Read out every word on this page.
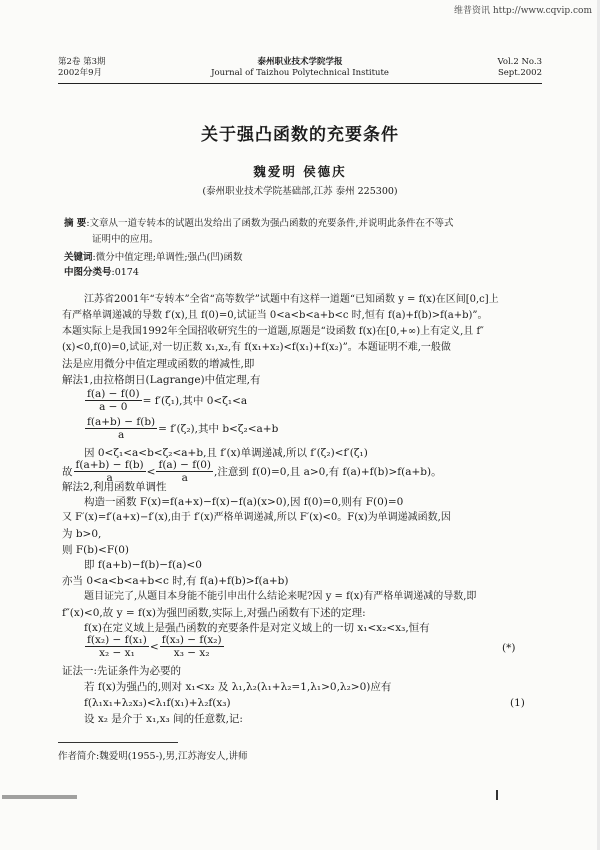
维普资讯 http://www.cqvip.com
第2卷 第3期
2002年9月
泰州职业技术学院学报
Journal of Taizhou Polytechnical Institute
Vol.2 No.3
Sept.2002
关于强凸函数的充要条件
魏爱明 侯德庆
(泰州职业技术学院基础部,江苏 泰州 225300)
摘 要:文章从一道专转本的试题出发给出了函数为强凸函数的充要条件,并说明此条件在不等式
证明中的应用。
关键词:微分中值定理;单调性;强凸(凹)函数
中图分类号:0174
江苏省2001年“专转本”全省“高等数学”试题中有这样一道题“已知函数 y = f(x)在区间[0,c]上
有严格单调递减的导数 f′(x),且 f(0)=0,试证当 0<a<b<a+b<c 时,恒有 f(a)+f(b)>f(a+b)”。
本题实际上是我国1992年全国招收研究生的一道题,原题是“设函数 f(x)在[0,+∞)上有定义,且 f″
(x)<0,f(0)=0,试证,对一切正数 x₁,x₂,有 f(x₁+x₂)<f(x₁)+f(x₂)”。本题证明不难,一般做
法是应用微分中值定理或函数的增减性,即
解法1,由拉格朗日(Lagrange)中值定理,有
$\frac{f(a) - f(0)}{a - 0} = f'(\zeta_1)$,其中 0<ζ₁<a
$\frac{f(a+b) - f(b)}{a} = f'(\zeta_2)$,其中 b<ζ₂<a+b
因 0<ζ₁<a<b<ζ₂<a+b,且 f′(x)单调递减,所以 f′(ζ₂)<f′(ζ₁)
故 $\frac{f(a+b) - f(b)}{a} < \frac{f(a) - f(0)}{a}$ ,注意到 f(0)=0,且 a>0,有 f(a)+f(b)>f(a+b)。
解法2,利用函数单调性
构造一函数 F(x)=f(a+x)−f(x)−f(a)(x>0),因 f(0)=0,则有 F(0)=0
又 F′(x)=f′(a+x)−f′(x),由于 f′(x)严格单调递减,所以 F′(x)<0。F(x)为单调递减函数,因
为 b>0,
则 F(b)<F(0)
即 f(a+b)−f(b)−f(a)<0
亦当 0<a<b<a+b<c 时,有 f(a)+f(b)>f(a+b)
题目证完了,从题目本身能不能引申出什么结论来呢?因 y = f(x)有严格单调递减的导数,即
f″(x)<0,故 y = f(x)为强凹函数,实际上,对强凸函数有下述的定理:
f(x)在定义域上是强凸函数的充要条件是对定义域上的一切 x₁<x₂<x₃,恒有
$\frac{\text{f(x₂) − f(x₁)}}{\text{x₂ − x₁}} < \frac{\text{f(x₃) − f(x₂)}}{\text{x₃ − x₂}}$	(*)
证法一:先证条件为必要的
若 f(x)为强凸的,则对 x₁<x₂ 及 λ₁,λ₂(λ₁+λ₂=1,λ₁>0,λ₂>0)应有
f(λ₁x₁+λ₂x₃)<λ₁f(x₁)+λ₂f(x₃)	(1)
设 x₂ 是介于 x₁,x₃ 间的任意数,记:
作者简介:魏爱明(1955-),男,江苏海安人,讲师
